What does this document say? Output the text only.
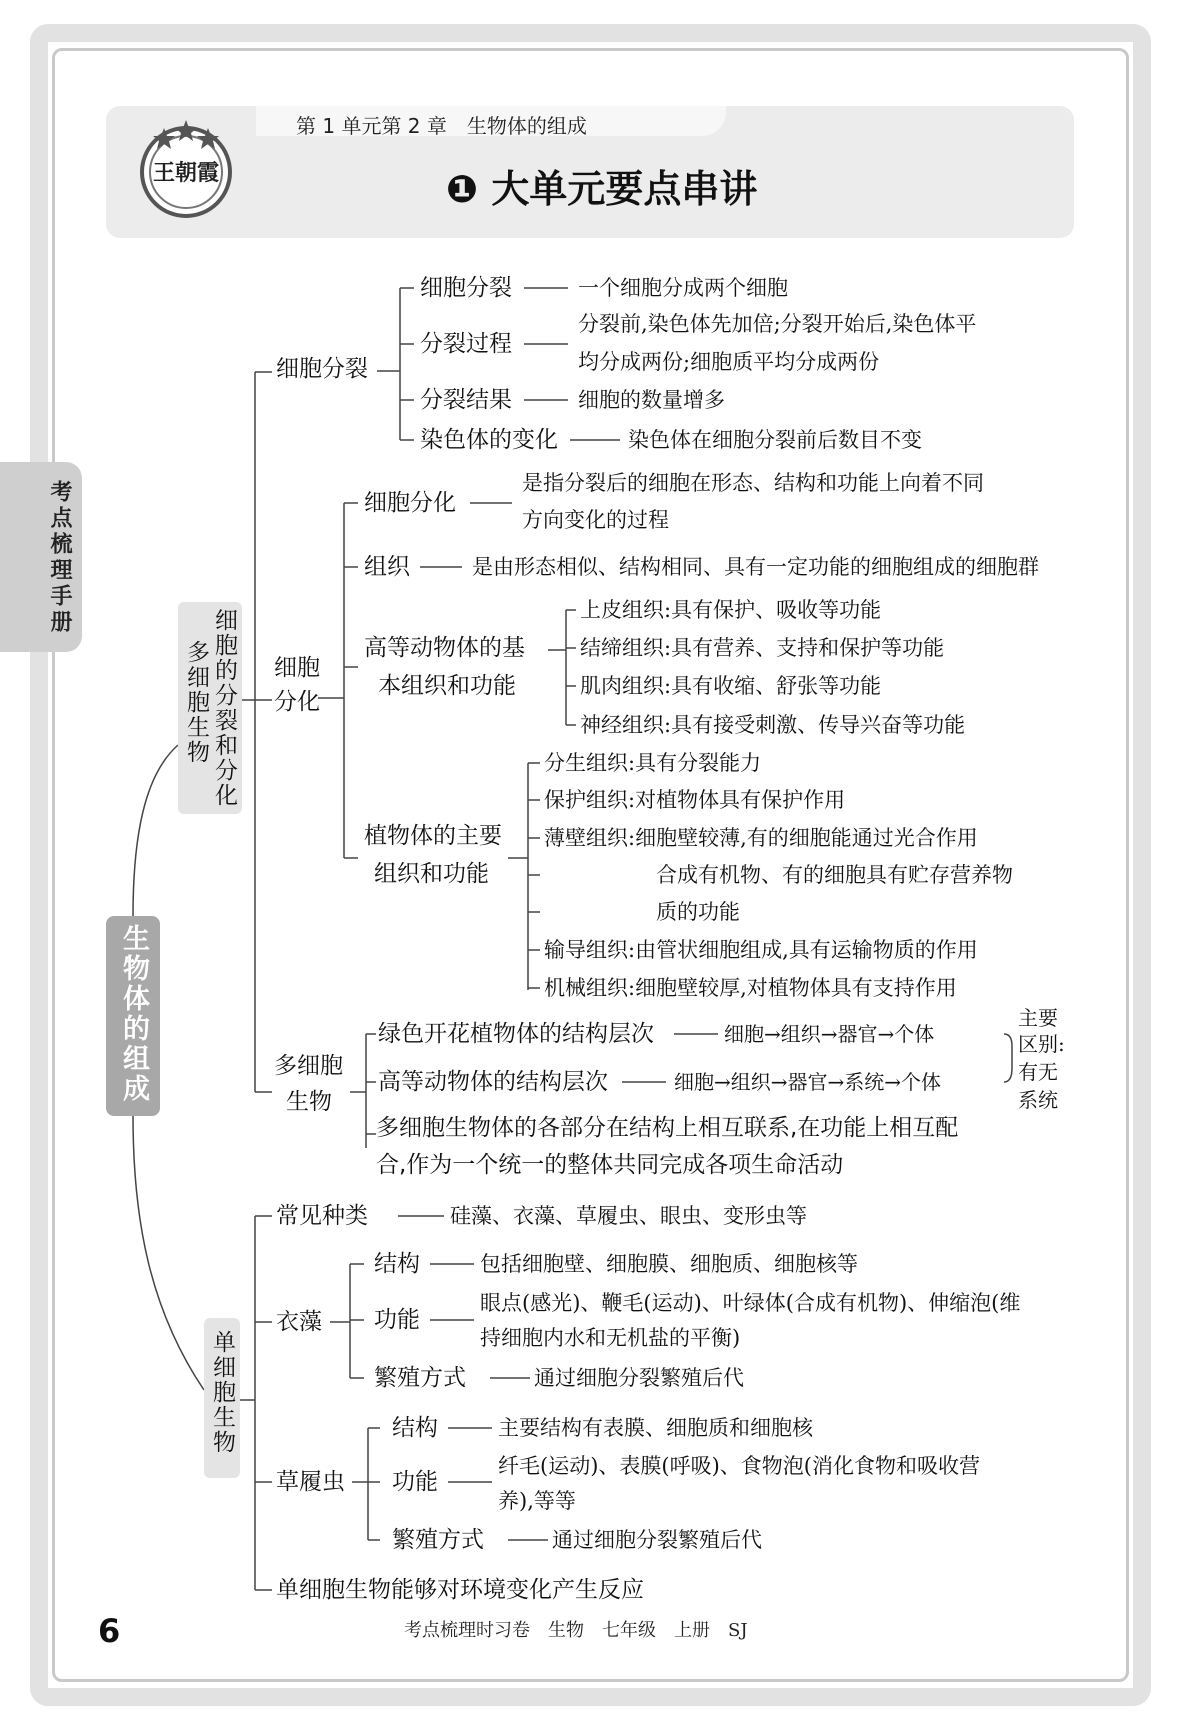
第 1 单元第 2 章　生物体的组成
❶ 大单元要点串讲
王朝霞
考点梳理手册
生物体的组成
细胞的分裂和分化
多细胞生物
细胞分裂
细胞分裂	一个细胞分成两个细胞
分裂过程
分裂前,染色体先加倍;分裂开始后,染色体平
均分成两份;细胞质平均分成两份
分裂结果	细胞的数量增多
染色体的变化	染色体在细胞分裂前后数目不变
细胞
分化
细胞分化
是指分裂后的细胞在形态、结构和功能上向着不同
方向变化的过程
组织	是由形态相似、结构相同、具有一定功能的细胞组成的细胞群
高等动物体的基
本组织和功能
上皮组织:具有保护、吸收等功能
结缔组织:具有营养、支持和保护等功能
肌肉组织:具有收缩、舒张等功能
神经组织:具有接受刺激、传导兴奋等功能
植物体的主要
组织和功能
分生组织:具有分裂能力
保护组织:对植物体具有保护作用
薄壁组织:细胞壁较薄,有的细胞能通过光合作用
合成有机物、有的细胞具有贮存营养物
质的功能
输导组织:由管状细胞组成,具有运输物质的作用
机械组织:细胞壁较厚,对植物体具有支持作用
多细胞
生物
绿色开花植物体的结构层次	细胞→组织→器官→个体
高等动物体的结构层次	细胞→组织→器官→系统→个体
主要
区别:
有无
系统
多细胞生物体的各部分在结构上相互联系,在功能上相互配
合,作为一个统一的整体共同完成各项生命活动
单细胞生物
常见种类	硅藻、衣藻、草履虫、眼虫、变形虫等
衣藻
结构	包括细胞壁、细胞膜、细胞质、细胞核等
功能
眼点(感光)、鞭毛(运动)、叶绿体(合成有机物)、伸缩泡(维
持细胞内水和无机盐的平衡)
繁殖方式	通过细胞分裂繁殖后代
草履虫
结构	主要结构有表膜、细胞质和细胞核
功能
纤毛(运动)、表膜(呼吸)、食物泡(消化食物和吸收营
养),等等
繁殖方式	通过细胞分裂繁殖后代
单细胞生物能够对环境变化产生反应
6	考点梳理时习卷　生物　七年级　上册　SJ
